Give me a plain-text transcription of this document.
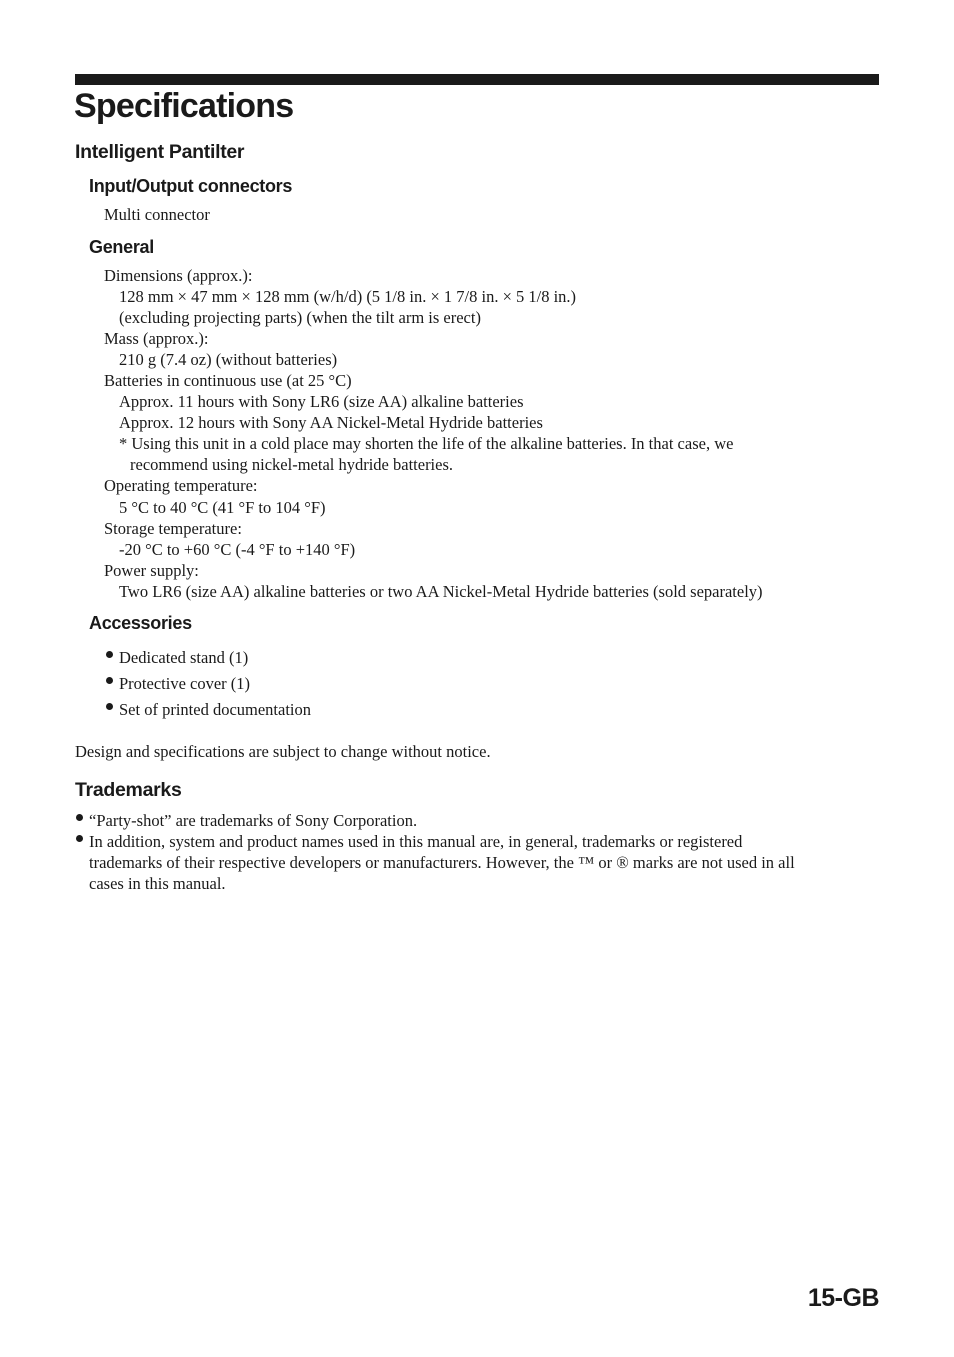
Specifications
Intelligent Pantilter
Input/Output connectors
Multi connector
General
Dimensions (approx.):
128 mm × 47 mm × 128 mm (w/h/d) (5 1/8 in. × 1 7/8 in. × 5 1/8 in.)
(excluding projecting parts) (when the tilt arm is erect)
Mass (approx.):
210 g (7.4 oz) (without batteries)
Batteries in continuous use (at 25 °C)
Approx. 11 hours with Sony LR6 (size AA) alkaline batteries
Approx. 12 hours with Sony AA Nickel-Metal Hydride batteries
* Using this unit in a cold place may shorten the life of the alkaline batteries. In that case, we
recommend using nickel-metal hydride batteries.
Operating temperature:
5 °C to 40 °C (41 °F to 104 °F)
Storage temperature:
-20 °C to +60 °C (-4 °F to +140 °F)
Power supply:
Two LR6 (size AA) alkaline batteries or two AA Nickel-Metal Hydride batteries (sold separately)
Accessories
Dedicated stand (1)
Protective cover (1)
Set of printed documentation
Design and specifications are subject to change without notice.
Trademarks
“Party-shot” are trademarks of Sony Corporation.
In addition, system and product names used in this manual are, in general, trademarks or registered
trademarks of their respective developers or manufacturers. However, the ™ or ® marks are not used in all
cases in this manual.
15-GB
